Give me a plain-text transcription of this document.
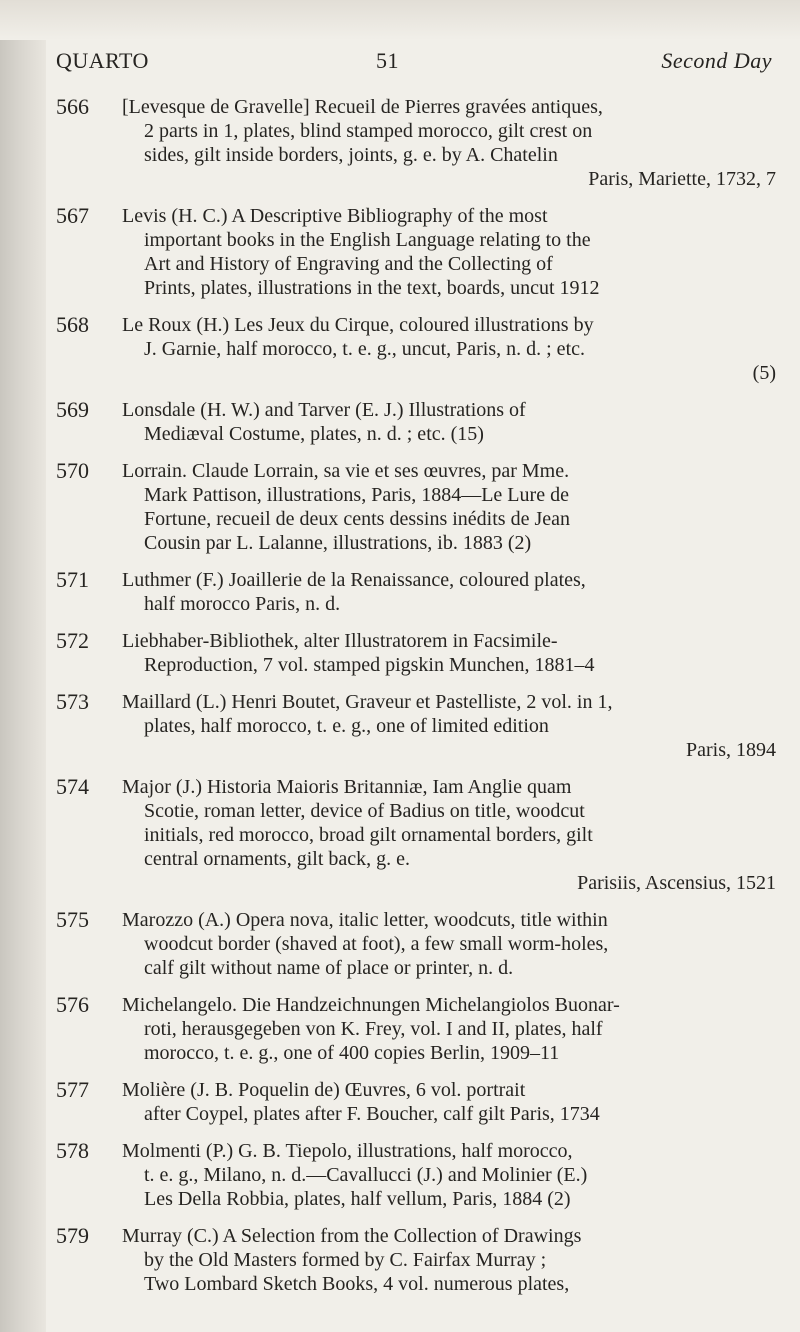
QUARTO	51	Second Day
566	[Levesque de Gravelle] Recueil de Pierres gravées antiques,
2 parts in 1, plates, blind stamped morocco, gilt crest on
sides, gilt inside borders, joints, g. e. by A. Chatelin
Paris, Mariette, 1732, 7
567	Levis (H. C.) A Descriptive Bibliography of the most
important books in the English Language relating to the
Art and History of Engraving and the Collecting of
Prints, plates, illustrations in the text, boards, uncut 1912
568	Le Roux (H.) Les Jeux du Cirque, coloured illustrations by
J. Garnie, half morocco, t. e. g., uncut, Paris, n. d. ; etc.
(5)
569	Lonsdale (H. W.) and Tarver (E. J.) Illustrations of
Mediæval Costume, plates, n. d. ; etc. (15)
570	Lorrain. Claude Lorrain, sa vie et ses œuvres, par Mme.
Mark Pattison, illustrations, Paris, 1884—Le Lure de
Fortune, recueil de deux cents dessins inédits de Jean
Cousin par L. Lalanne, illustrations, ib. 1883 (2)
571	Luthmer (F.) Joaillerie de la Renaissance, coloured plates,
half morocco Paris, n. d.
572	Liebhaber-Bibliothek, alter Illustratorem in Facsimile-
Reproduction, 7 vol. stamped pigskin Munchen, 1881–4
573	Maillard (L.) Henri Boutet, Graveur et Pastelliste, 2 vol. in 1,
plates, half morocco, t. e. g., one of limited edition
Paris, 1894
574	Major (J.) Historia Maioris Britanniæ, Iam Anglie quam
Scotie, roman letter, device of Badius on title, woodcut
initials, red morocco, broad gilt ornamental borders, gilt
central ornaments, gilt back, g. e.
Parisiis, Ascensius, 1521
575	Marozzo (A.) Opera nova, italic letter, woodcuts, title within
woodcut border (shaved at foot), a few small worm-holes,
calf gilt without name of place or printer, n. d.
576	Michelangelo. Die Handzeichnungen Michelangiolos Buonar-
roti, herausgegeben von K. Frey, vol. I and II, plates, half
morocco, t. e. g., one of 400 copies Berlin, 1909–11
577	Molière (J. B. Poquelin de) Œuvres, 6 vol. portrait
after Coypel, plates after F. Boucher, calf gilt Paris, 1734
578	Molmenti (P.) G. B. Tiepolo, illustrations, half morocco,
t. e. g., Milano, n. d.—Cavallucci (J.) and Molinier (E.)
Les Della Robbia, plates, half vellum, Paris, 1884 (2)
579	Murray (C.) A Selection from the Collection of Drawings
by the Old Masters formed by C. Fairfax Murray ;
Two Lombard Sketch Books, 4 vol. numerous plates,
